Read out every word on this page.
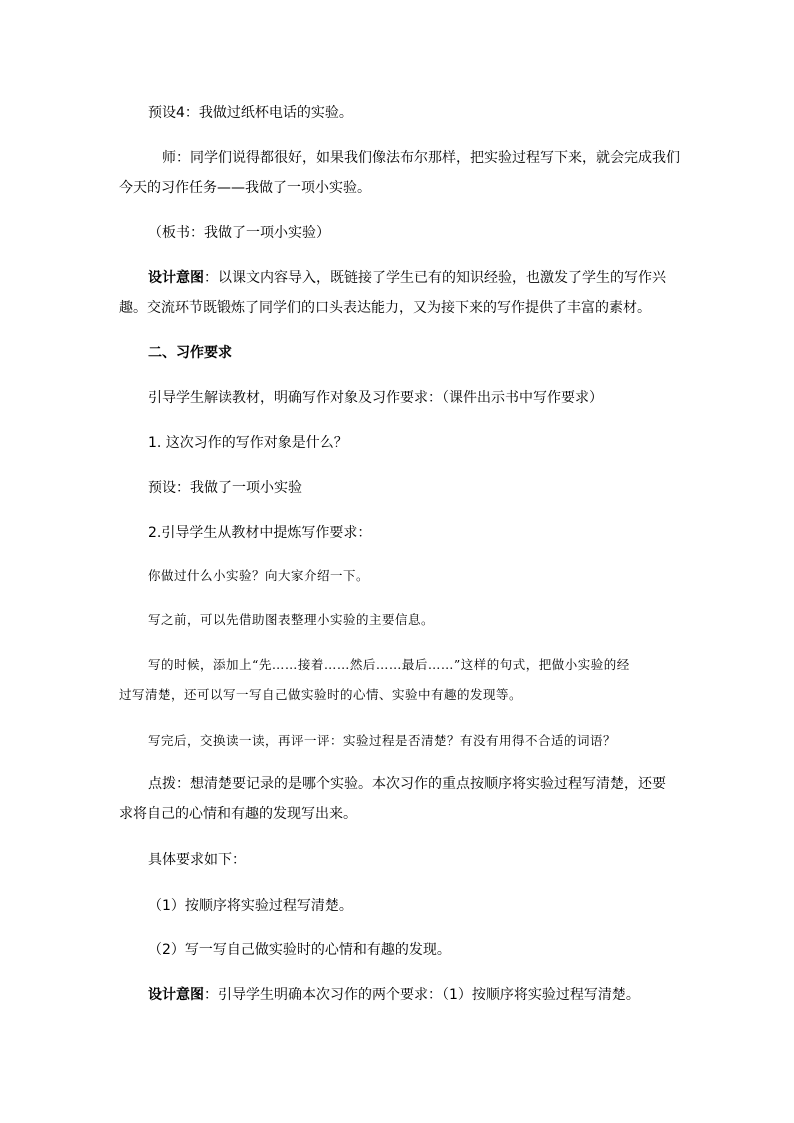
预设4：我做过纸杯电话的实验。
师：同学们说得都很好，如果我们像法布尔那样，把实验过程写下来，就会完成我们
今天的习作任务——我做了一项小实验。
（板书：我做了一项小实验）
设计意图：以课文内容导入，既链接了学生已有的知识经验，也激发了学生的写作兴
趣。交流环节既锻炼了同学们的口头表达能力，又为接下来的写作提供了丰富的素材。
二、习作要求
引导学生解读教材，明确写作对象及习作要求：（课件出示书中写作要求）
1. 这次习作的写作对象是什么？
预设：我做了一项小实验
2.引导学生从教材中提炼写作要求：
你做过什么小实验？向大家介绍一下。
写之前，可以先借助图表整理小实验的主要信息。
写的时候，添加上“先……接着……然后……最后……”这样的句式，把做小实验的经
过写清楚，还可以写一写自己做实验时的心情、实验中有趣的发现等。
写完后，交换读一读，再评一评：实验过程是否清楚？有没有用得不合适的词语？
点拨：想清楚要记录的是哪个实验。本次习作的重点按顺序将实验过程写清楚，还要
求将自己的心情和有趣的发现写出来。
具体要求如下：
（1）按顺序将实验过程写清楚。
（2）写一写自己做实验时的心情和有趣的发现。
设计意图：引导学生明确本次习作的两个要求：（1）按顺序将实验过程写清楚。
